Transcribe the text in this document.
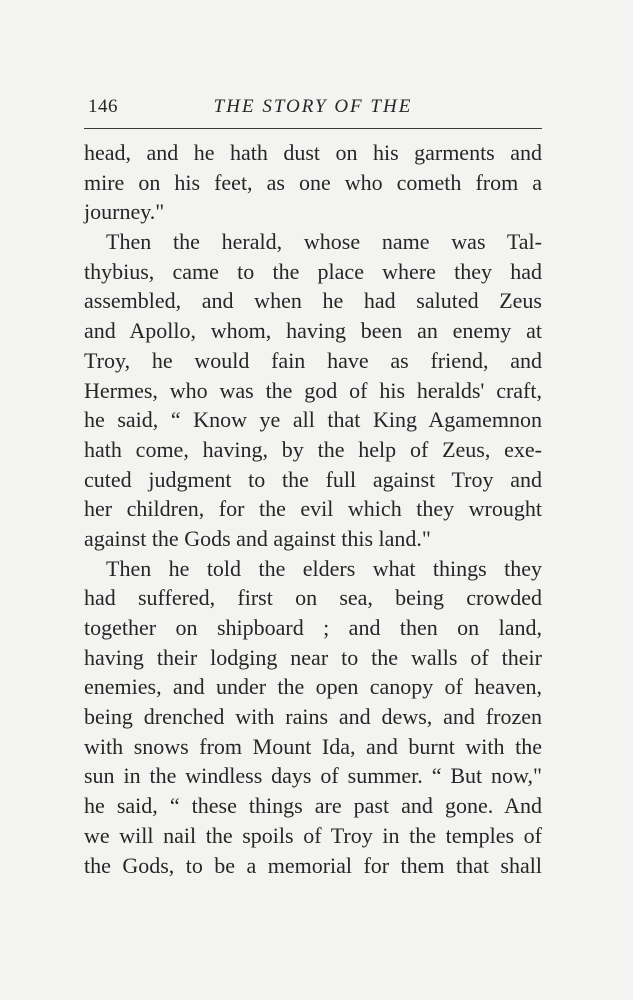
146	THE STORY OF THE
head, and he hath dust on his garments and
mire on his feet, as one who cometh from a
journey."
Then the herald, whose name was Tal-
thybius, came to the place where they had
assembled, and when he had saluted Zeus
and Apollo, whom, having been an enemy at
Troy, he would fain have as friend, and
Hermes, who was the god of his heralds' craft,
he said, “ Know ye all that King Agamemnon
hath come, having, by the help of Zeus, exe-
cuted judgment to the full against Troy and
her children, for the evil which they wrought
against the Gods and against this land."
Then he told the elders what things they
had suffered, first on sea, being crowded
together on shipboard ; and then on land,
having their lodging near to the walls of their
enemies, and under the open canopy of heaven,
being drenched with rains and dews, and frozen
with snows from Mount Ida, and burnt with the
sun in the windless days of summer. “ But now,"
he said, “ these things are past and gone. And
we will nail the spoils of Troy in the temples of
the Gods, to be a memorial for them that shall
